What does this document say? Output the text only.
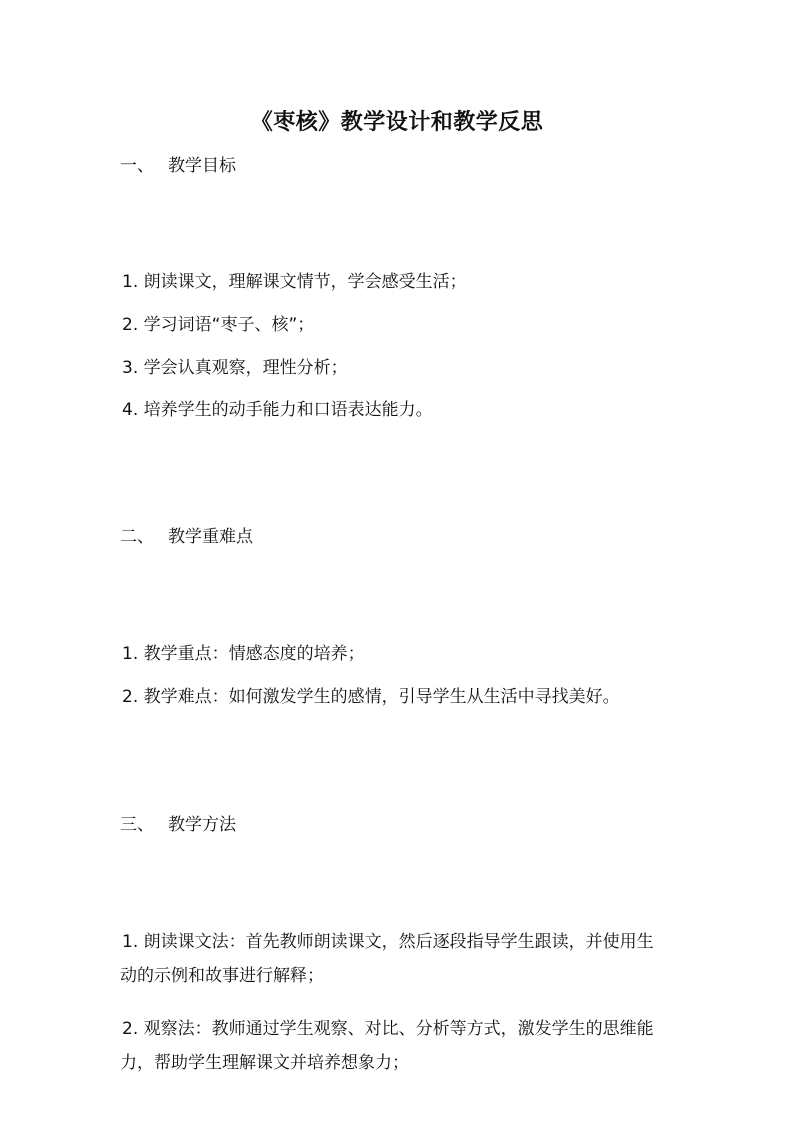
《枣核》教学设计和教学反思
一、 教学目标
1. 朗读课文，理解课文情节，学会感受生活；
2. 学习词语“枣子、核”；
3. 学会认真观察，理性分析；
4. 培养学生的动手能力和口语表达能力。
二、 教学重难点
1. 教学重点：情感态度的培养；
2. 教学难点：如何激发学生的感情，引导学生从生活中寻找美好。
三、 教学方法
1. 朗读课文法：首先教师朗读课文，然后逐段指导学生跟读，并使用生动的示例和故事进行解释；
2. 观察法：教师通过学生观察、对比、分析等方式，激发学生的思维能力，帮助学生理解课文并培养想象力；
